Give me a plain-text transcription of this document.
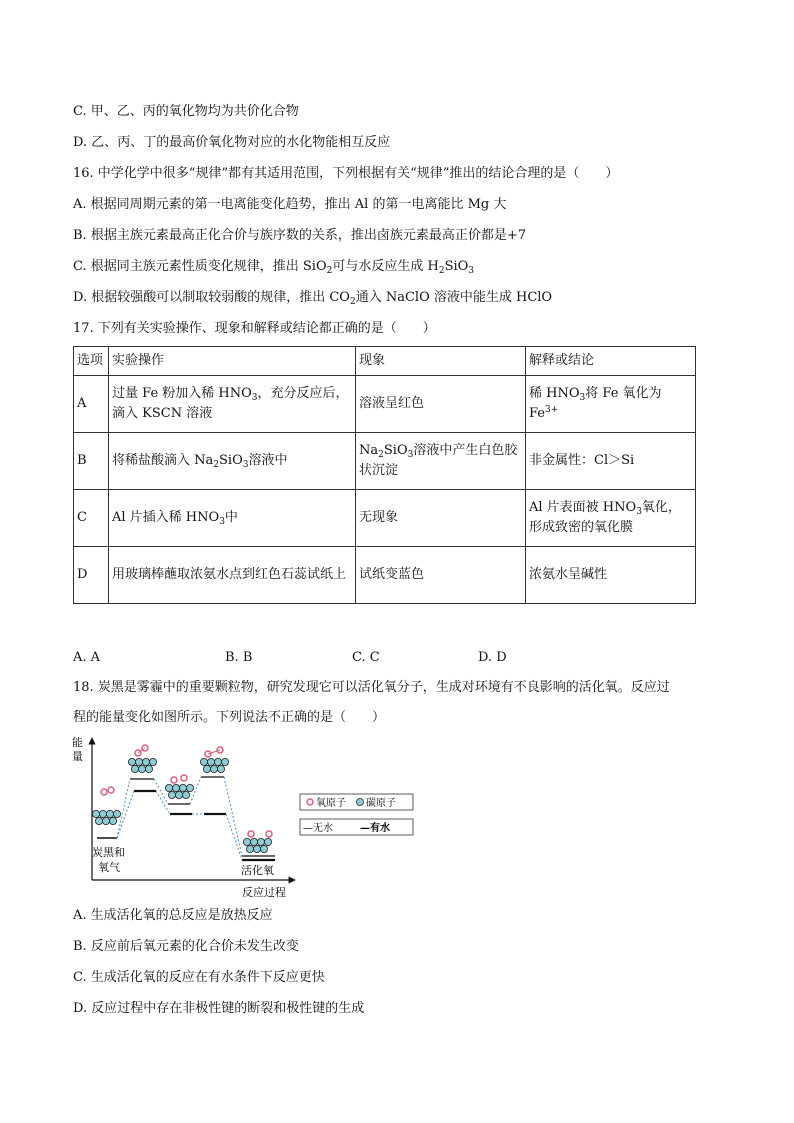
C. 甲、乙、丙的氧化物均为共价化合物
D. 乙、丙、丁的最高价氧化物对应的水化物能相互反应
16. 中学化学中很多“规律”都有其适用范围，下列根据有关“规律”推出的结论合理的是（　　）
A. 根据同周期元素的第一电离能变化趋势，推出 Al 的第一电离能比 Mg 大
B. 根据主族元素最高正化合价与族序数的关系，推出卤族元素最高正价都是+7
C. 根据同主族元素性质变化规律，推出 SiO$_2$可与水反应生成 $H_2SiO_3$
D. 根据较强酸可以制取较弱酸的规律，推出 $CO_2$通入 NaClO 溶液中能生成 HClO
17. 下列有关实验操作、现象和解释或结论都正确的是（　　）
选项	实验操作	现象	解释或结论
A	过量 Fe 粉加入稀 $HNO_3$，充分反应后，滴入 KSCN 溶液	溶液呈红色	稀 $HNO_3$将 Fe 氧化为 $Fe^{3+}$
B	将稀盐酸滴入 $Na_2SiO_3$溶液中	$Na_2SiO_3$溶液中产生白色胶状沉淀	非金属性：Cl＞Si
C	Al 片插入稀 $HNO_3$中	无现象	Al 片表面被 $HNO_3$氧化，形成致密的氧化膜
D	用玻璃棒蘸取浓氨水点到红色石蕊试纸上	试纸变蓝色	浓氨水呈碱性
A. A	B. B	C. C	D. D
18. 炭黑是雾霾中的重要颗粒物，研究发现它可以活化氧分子，生成对环境有不良影响的活化氧。反应过
程的能量变化如图所示。下列说法不正确的是（　　）
能
量
反应过程
炭黑和
氧气	活化氧
氧原子 碳原子
—无水	—有水
A. 生成活化氧的总反应是放热反应
B. 反应前后氧元素的化合价未发生改变
C. 生成活化氧的反应在有水条件下反应更快
D. 反应过程中存在非极性键的断裂和极性键的生成
